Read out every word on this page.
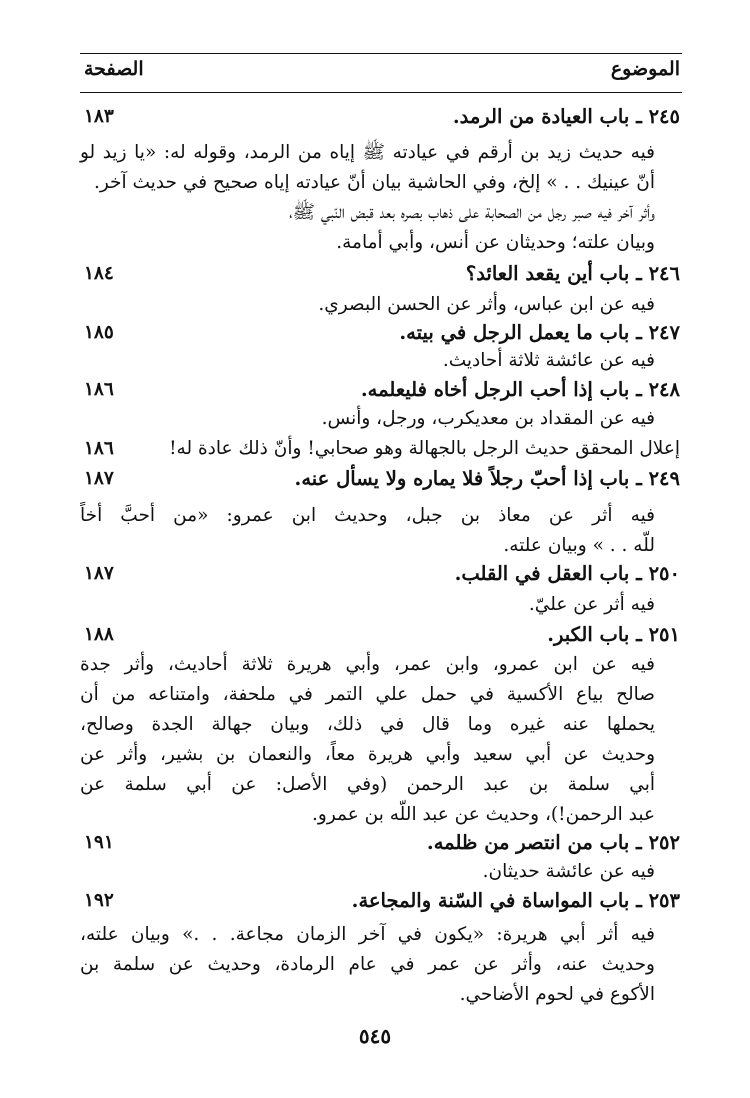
الموضوع
الصفحة
٢٤٥ ـ باب العيادة من الرمد.
١٨٣
فيه حديث زيد بن أرقم في عيادته ﷺ إياه من الرمد، وقوله له: «يا زيد لو
أنّ عينيك . . » إلخ، وفي الحاشية بيان أنّ عيادته إياه صحيح في حديث آخر.
وأثر آخر فيه صبر رجل من الصحابة على ذهاب بصره بعد قبض النّبي ﷺ،
وبيان علته؛ وحديثان عن أنس، وأبي أمامة.
٢٤٦ ـ باب أين يقعد العائد؟
١٨٤
فيه عن ابن عباس، وأثر عن الحسن البصري.
٢٤٧ ـ باب ما يعمل الرجل في بيته.
١٨٥
فيه عن عائشة ثلاثة أحاديث.
٢٤٨ ـ باب إذا أحب الرجل أخاه فليعلمه.
١٨٦
فيه عن المقداد بن معديكرب، ورجل، وأنس.
إعلال المحقق حديث الرجل بالجهالة وهو صحابي! وأنّ ذلك عادة له!
١٨٦
٢٤٩ ـ باب إذا أحبّ رجلاً فلا يماره ولا يسأل عنه.
١٨٧
فيه أثر عن معاذ بن جبل، وحديث ابن عمرو: «من أحبَّ أخاً
للّه . . » وبيان علته.
٢٥٠ ـ باب العقل في القلب.
١٨٧
فيه أثر عن عليّ.
٢٥١ ـ باب الكبر.
١٨٨
فيه عن ابن عمرو، وابن عمر، وأبي هريرة ثلاثة أحاديث، وأثر جدة
صالح بياع الأكسية في حمل علي التمر في ملحفة، وامتناعه من أن
يحملها عنه غيره وما قال في ذلك، وبيان جهالة الجدة وصالح،
وحديث عن أبي سعيد وأبي هريرة معاً، والنعمان بن بشير، وأثر عن
أبي سلمة بن عبد الرحمن (وفي الأصل: عن أبي سلمة عن
عبد الرحمن!)، وحديث عن عبد اللّه بن عمرو.
٢٥٢ ـ باب من انتصر من ظلمه.
١٩١
فيه عن عائشة حديثان.
٢٥٣ ـ باب المواساة في السّنة والمجاعة.
١٩٢
فيه أثر أبي هريرة: «يكون في آخر الزمان مجاعة. . .» وبيان علته،
وحديث عنه، وأثر عن عمر في عام الرمادة، وحديث عن سلمة بن
الأكوع في لحوم الأضاحي.
٥٤٥
